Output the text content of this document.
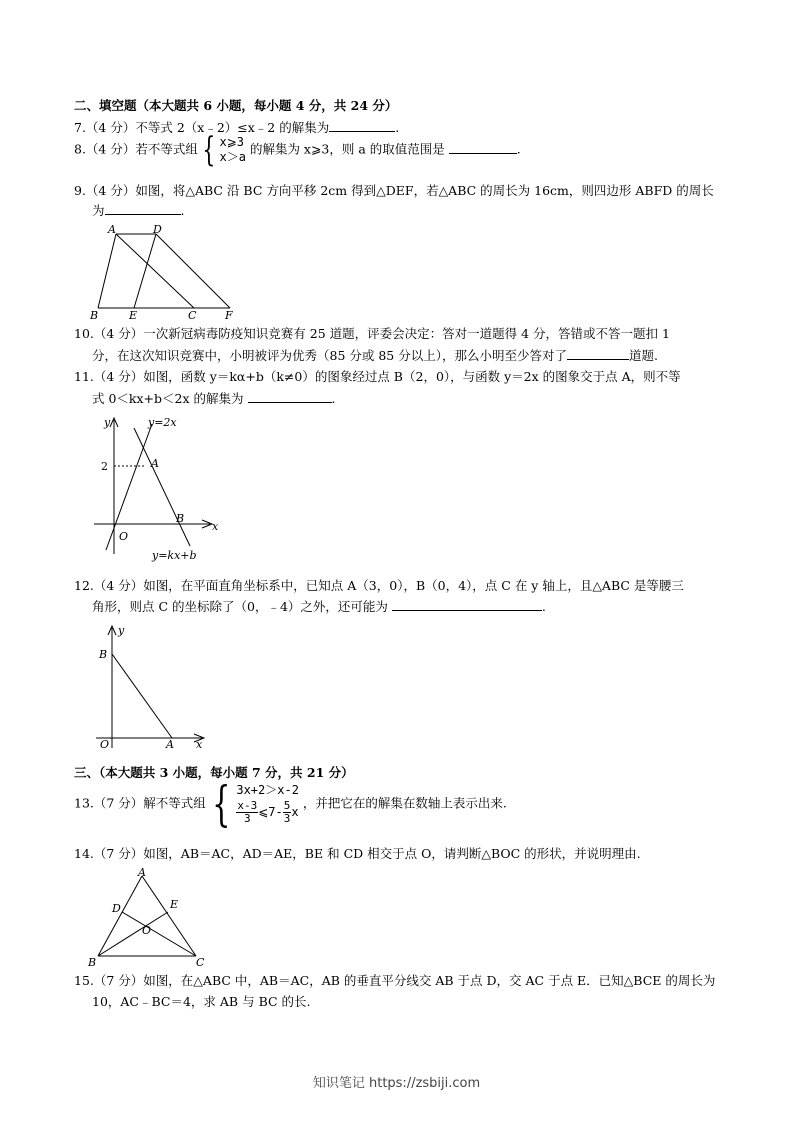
二、填空题（本大题共 6 小题，每小题 4 分，共 24 分）
7.（4 分）不等式 2（x﹣2）≤x﹣2 的解集为	.
8.（4 分）若不等式组 { x⩾3
x＞a
的解集为 x⩾3，则 a 的取值范围是	.
9.（4 分）如图，将△ABC 沿 BC 方向平移 2cm 得到△DEF，若△ABC 的周长为 16cm，则四边形 ABFD 的周长
为	.
A	D
B	E	C	F
10.（4 分）一次新冠病毒防疫知识竞赛有 25 道题，评委会决定：答对一道题得 4 分，答错或不答一题扣 1
分，在这次知识竞赛中，小明被评为优秀（85 分或 85 分以上），那么小明至少答对了	道题.
11.（4 分）如图，函数 y＝kα+b（k≠0）的图象经过点 B（2，0），与函数 y＝2x 的图象交于点 A，则不等
式 0＜kx+b＜2x 的解集为	.
y
x
O
2	A
B
y=2x
y=kx+b
12.（4 分）如图，在平面直角坐标系中，已知点 A（3，0），B（0，4），点 C 在 y 轴上，且△ABC 是等腰三
角形，则点 C 的坐标除了（0，﹣4）之外，还可能为	.
y
x
O	A
B
三、（本大题共 3 小题，每小题 7 分，共 21 分）
13.（7 分）解不等式组 { 3x+2＞x-2
$\frac{x-3}{3}$ ⩽7- $\frac{5}{3}$ x
，并把它在的解集在数轴上表示出来.
14.（7 分）如图，AB＝AC，AD＝AE，BE 和 CD 相交于点 O，请判断△BOC 的形状，并说明理由.
A
D	E
O
B	C
15.（7 分）如图，在△ABC 中，AB＝AC，AB 的垂直平分线交 AB 于点 D，交 AC 于点 E．已知△BCE 的周长为
10，AC﹣BC＝4，求 AB 与 BC 的长.
知识笔记 https://zsbiji.com
